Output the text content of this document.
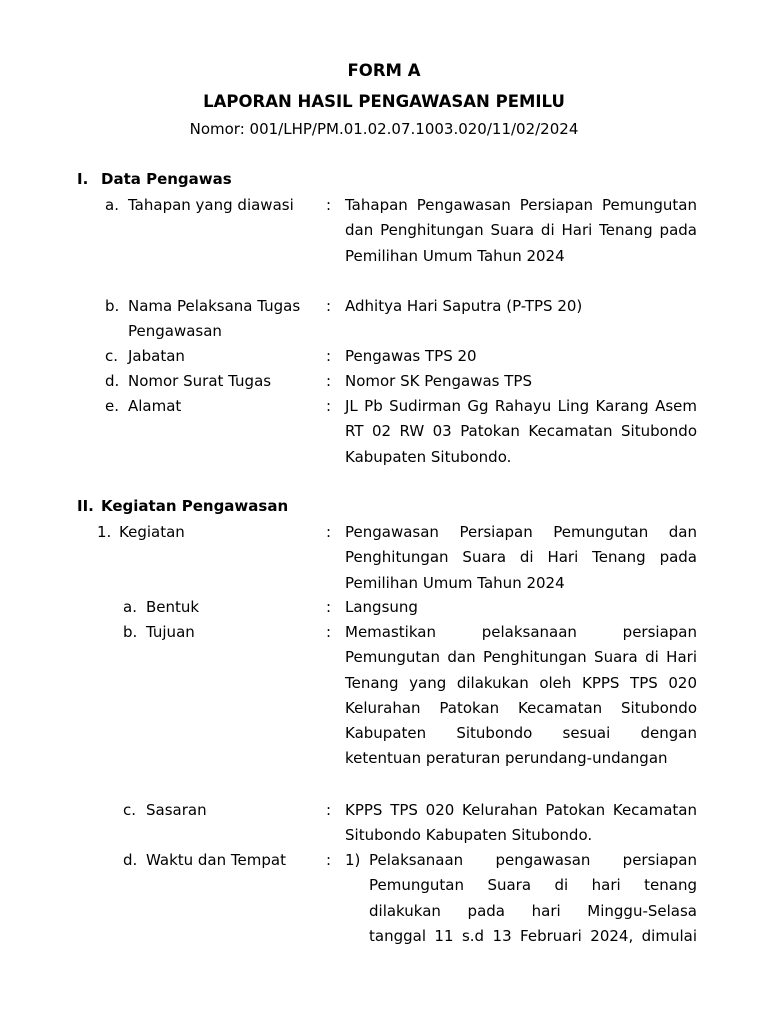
FORM A
LAPORAN HASIL PENGAWASAN PEMILU
Nomor: 001/LHP/PM.01.02.07.1003.020/11/02/2024
I. Data Pengawas
a. Tahapan yang diawasi : Tahapan Pengawasan Persiapan Pemungutan dan Penghitungan Suara di Hari Tenang pada Pemilihan Umum Tahun 2024
b. Nama Pelaksana Tugas Pengawasan
: Adhitya Hari Saputra (P-TPS 20)
c. Jabatan	: Pengawas TPS 20
d. Nomor Surat Tugas	: Nomor SK Pengawas TPS
e. Alamat	: JL Pb Sudirman Gg Rahayu Ling Karang Asem RT 02 RW 03 Patokan Kecamatan Situbondo Kabupaten Situbondo.
II. Kegiatan Pengawasan
1. Kegiatan	: Pengawasan Persiapan Pemungutan dan Penghitungan Suara di Hari Tenang pada Pemilihan Umum Tahun 2024
a. Bentuk	: Langsung
b. Tujuan	: Memastikan pelaksanaan persiapan Pemungutan dan Penghitungan Suara di Hari Tenang yang dilakukan oleh KPPS TPS 020 Kelurahan Patokan Kecamatan Situbondo Kabupaten Situbondo sesuai dengan ketentuan peraturan perundang-undangan
c. Sasaran	: KPPS TPS 020 Kelurahan Patokan Kecamatan Situbondo Kabupaten Situbondo.
d. Waktu dan Tempat	: 1) Pelaksanaan pengawasan persiapan
Pemungutan Suara di hari tenang
dilakukan pada hari Minggu-Selasa
tanggal 11 s.d 13 Februari 2024, dimulai
